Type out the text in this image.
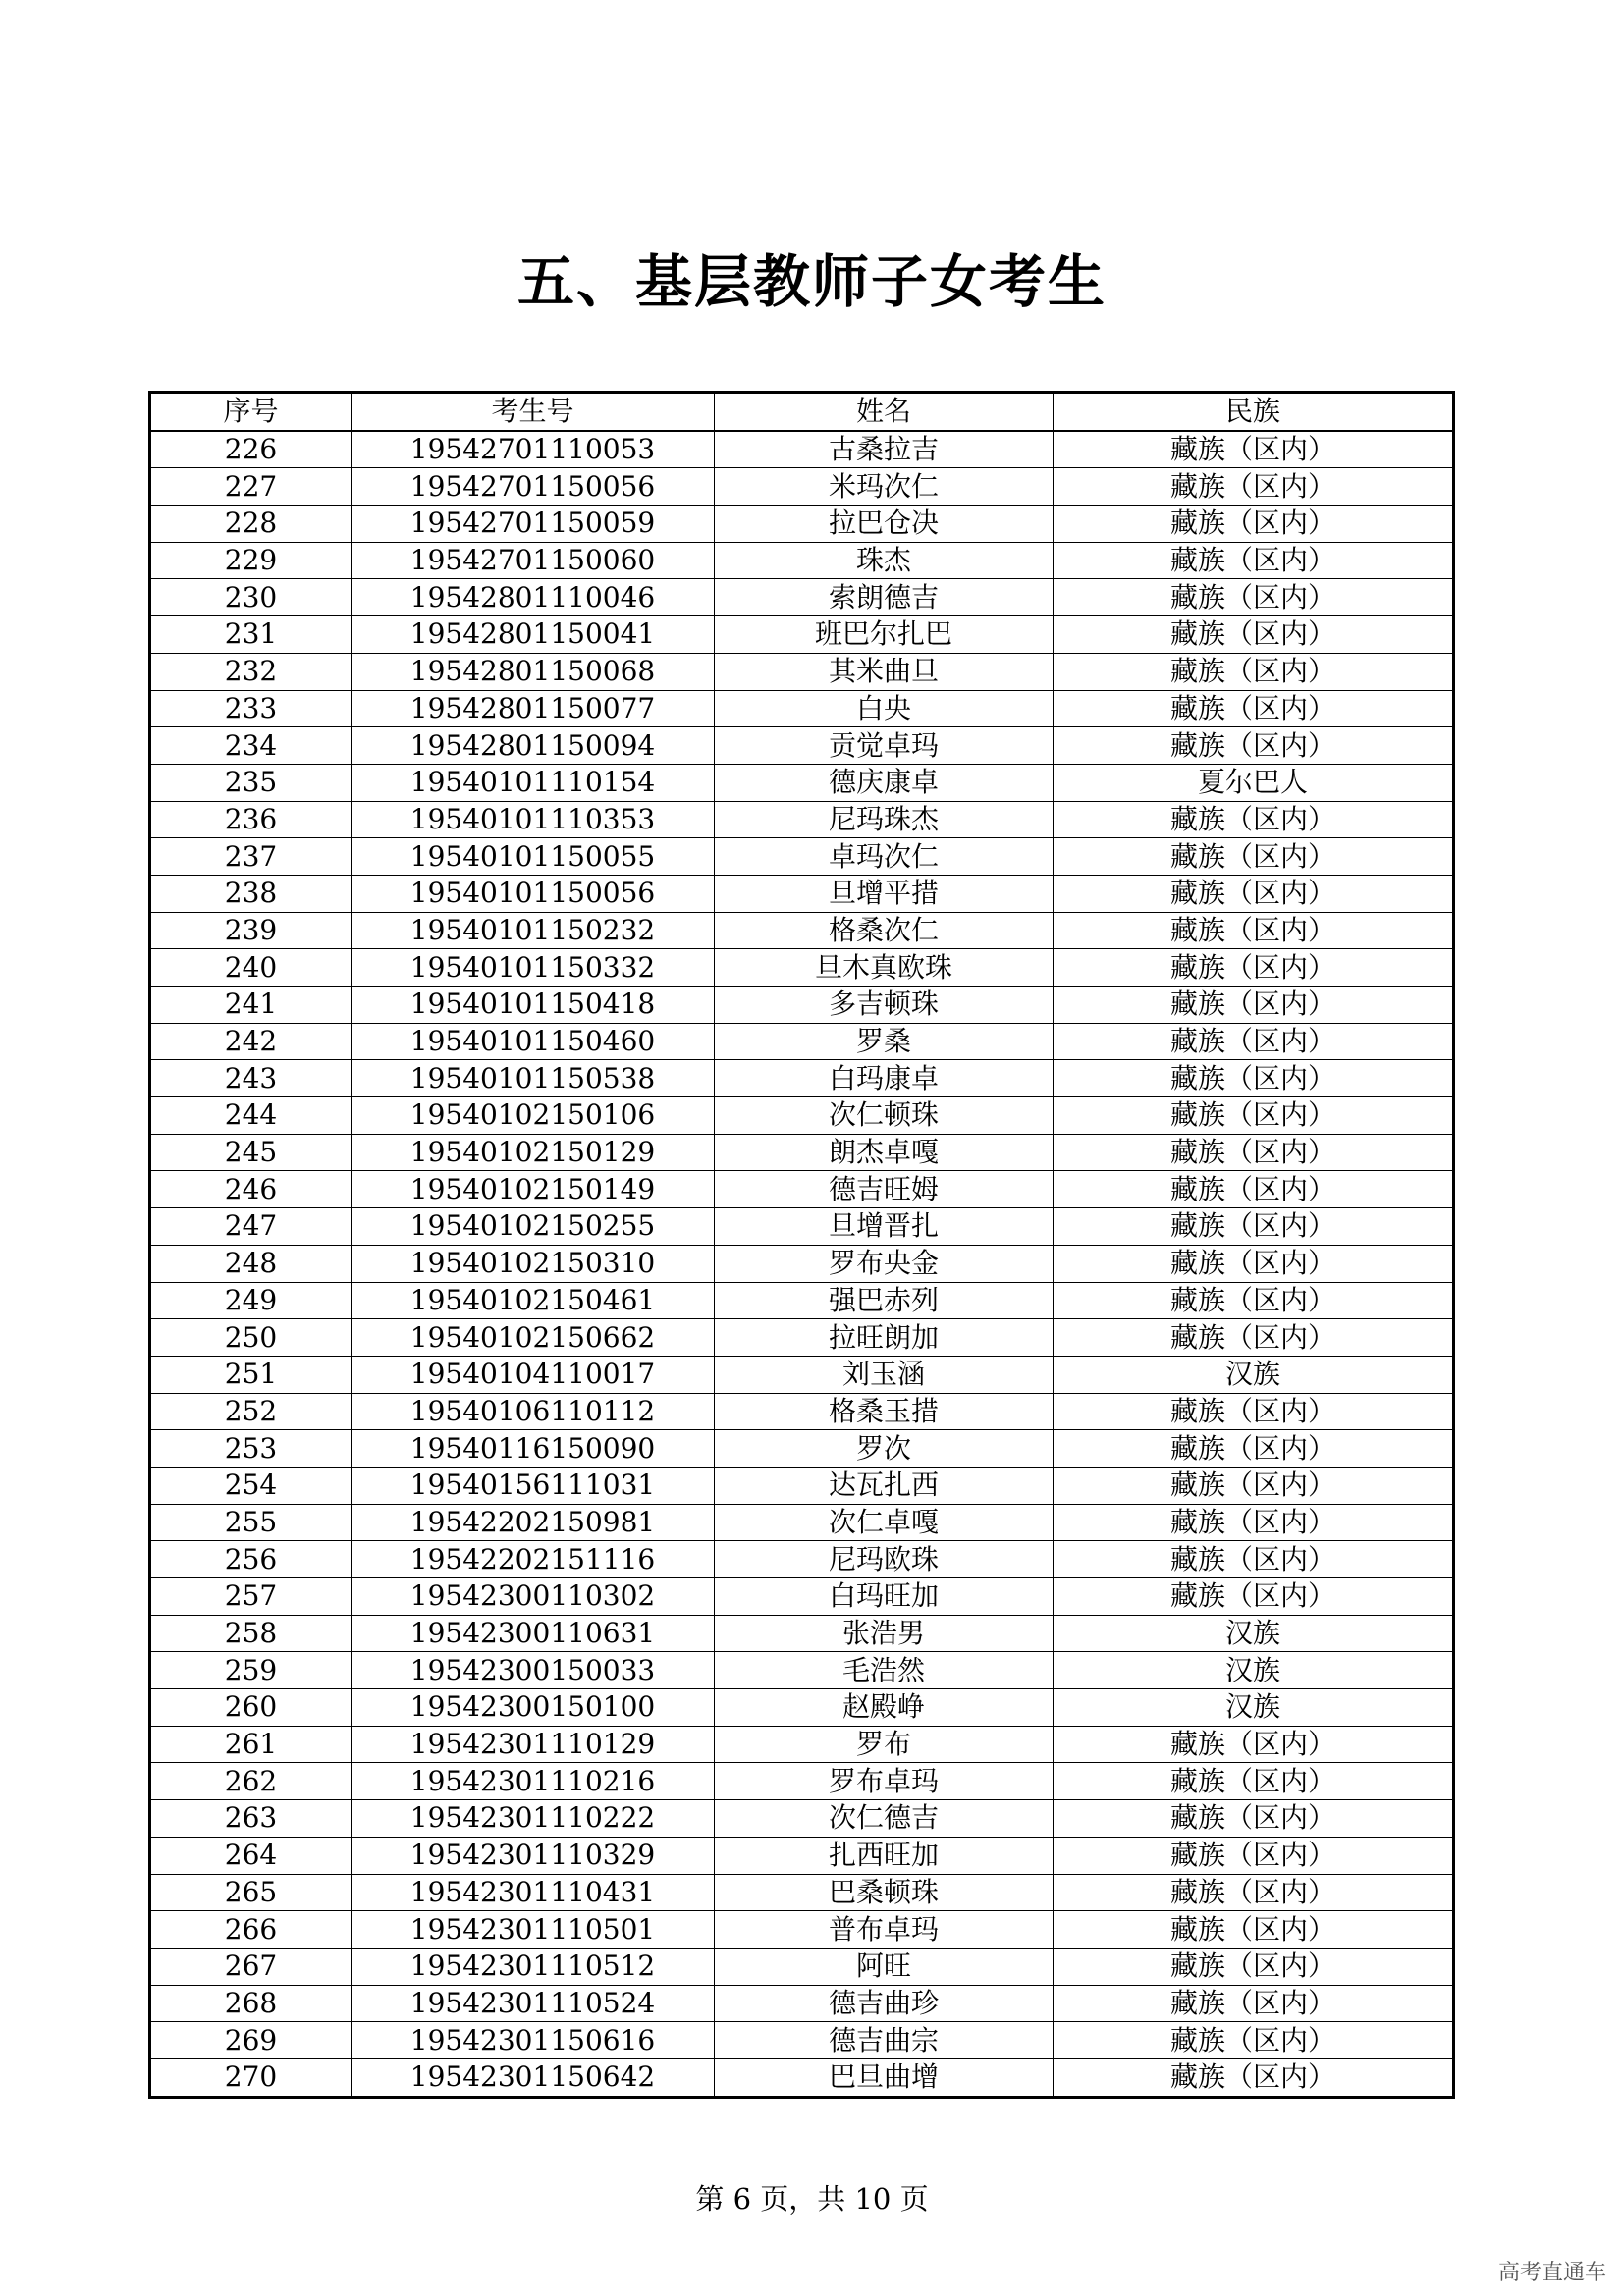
五、基层教师子女考生
序号	考生号	姓名	民族
226	19542701110053	古桑拉吉	藏族（区内）
227	19542701150056	米玛次仁	藏族（区内）
228	19542701150059	拉巴仓决	藏族（区内）
229	19542701150060	珠杰	藏族（区内）
230	19542801110046	索朗德吉	藏族（区内）
231	19542801150041	班巴尔扎巴	藏族（区内）
232	19542801150068	其米曲旦	藏族（区内）
233	19542801150077	白央	藏族（区内）
234	19542801150094	贡觉卓玛	藏族（区内）
235	19540101110154	德庆康卓	夏尔巴人
236	19540101110353	尼玛珠杰	藏族（区内）
237	19540101150055	卓玛次仁	藏族（区内）
238	19540101150056	旦增平措	藏族（区内）
239	19540101150232	格桑次仁	藏族（区内）
240	19540101150332	旦木真欧珠	藏族（区内）
241	19540101150418	多吉顿珠	藏族（区内）
242	19540101150460	罗桑	藏族（区内）
243	19540101150538	白玛康卓	藏族（区内）
244	19540102150106	次仁顿珠	藏族（区内）
245	19540102150129	朗杰卓嘎	藏族（区内）
246	19540102150149	德吉旺姆	藏族（区内）
247	19540102150255	旦增晋扎	藏族（区内）
248	19540102150310	罗布央金	藏族（区内）
249	19540102150461	强巴赤列	藏族（区内）
250	19540102150662	拉旺朗加	藏族（区内）
251	19540104110017	刘玉涵	汉族
252	19540106110112	格桑玉措	藏族（区内）
253	19540116150090	罗次	藏族（区内）
254	19540156111031	达瓦扎西	藏族（区内）
255	19542202150981	次仁卓嘎	藏族（区内）
256	19542202151116	尼玛欧珠	藏族（区内）
257	19542300110302	白玛旺加	藏族（区内）
258	19542300110631	张浩男	汉族
259	19542300150033	毛浩然	汉族
260	19542300150100	赵殿峥	汉族
261	19542301110129	罗布	藏族（区内）
262	19542301110216	罗布卓玛	藏族（区内）
263	19542301110222	次仁德吉	藏族（区内）
264	19542301110329	扎西旺加	藏族（区内）
265	19542301110431	巴桑顿珠	藏族（区内）
266	19542301110501	普布卓玛	藏族（区内）
267	19542301110512	阿旺	藏族（区内）
268	19542301110524	德吉曲珍	藏族（区内）
269	19542301150616	德吉曲宗	藏族（区内）
270	19542301150642	巴旦曲增	藏族（区内）
第 6 页，共 10 页
高考直通车
